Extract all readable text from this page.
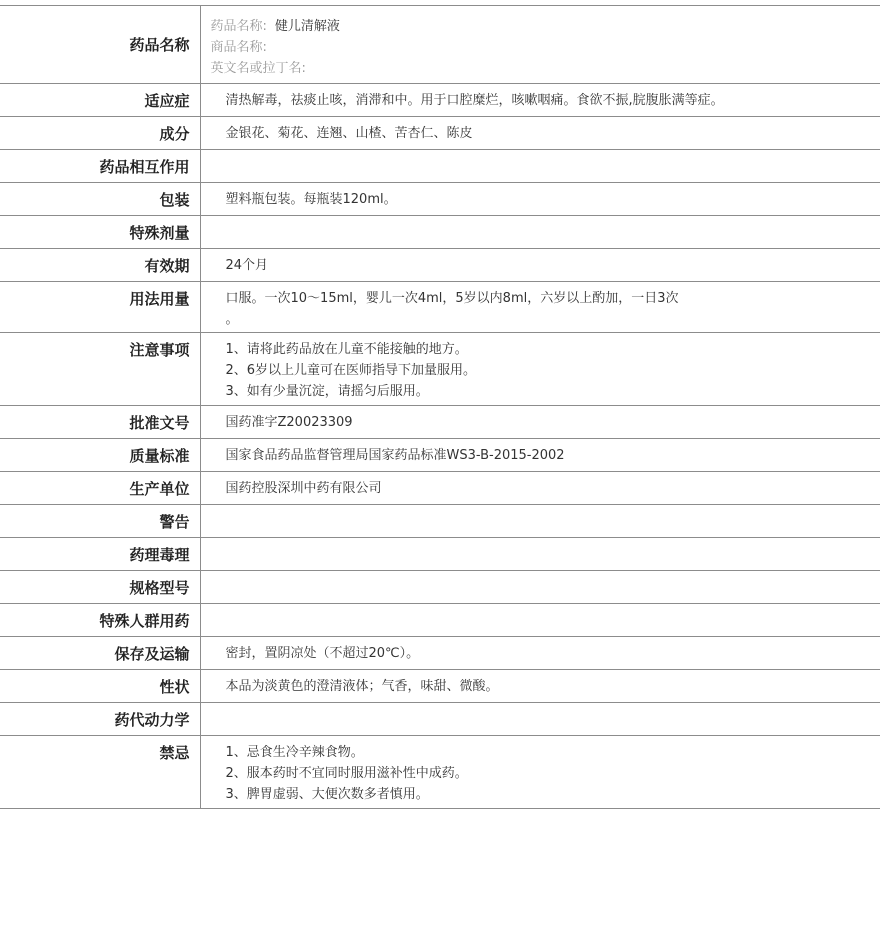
药品名称	药品名称: 健儿清解液
商品名称:
英文名或拉丁名:

适应症	清热解毒，祛痰止咳，消滞和中。用于口腔糜烂，咳嗽咽痛。食欲不振,脘腹胀满等症。
成分	金银花、菊花、连翘、山楂、苦杏仁、陈皮
药品相互作用	
包装	塑料瓶包装。每瓶装120ml。
特殊剂量	
有效期	24个月
用法用量	口服。一次10～15ml，婴儿一次4ml，5岁以内8ml，六岁以上酌加，一日3次
。

注意事项	1、请将此药品放在儿童不能接触的地方。
2、6岁以上儿童可在医师指导下加量服用。
3、如有少量沉淀，请摇匀后服用。

批准文号	国药准字Z20023309
质量标准	国家食品药品监督管理局国家药品标准WS3-B-2015-2002
生产单位	国药控股深圳中药有限公司
警告	
药理毒理	
规格型号	
特殊人群用药	
保存及运输	密封，置阴凉处（不超过20℃）。
性状	本品为淡黄色的澄清液体；气香，味甜、微酸。
药代动力学	
禁忌	1、忌食生冷辛辣食物。
2、服本药时不宜同时服用滋补性中成药。
3、脾胃虚弱、大便次数多者慎用。
